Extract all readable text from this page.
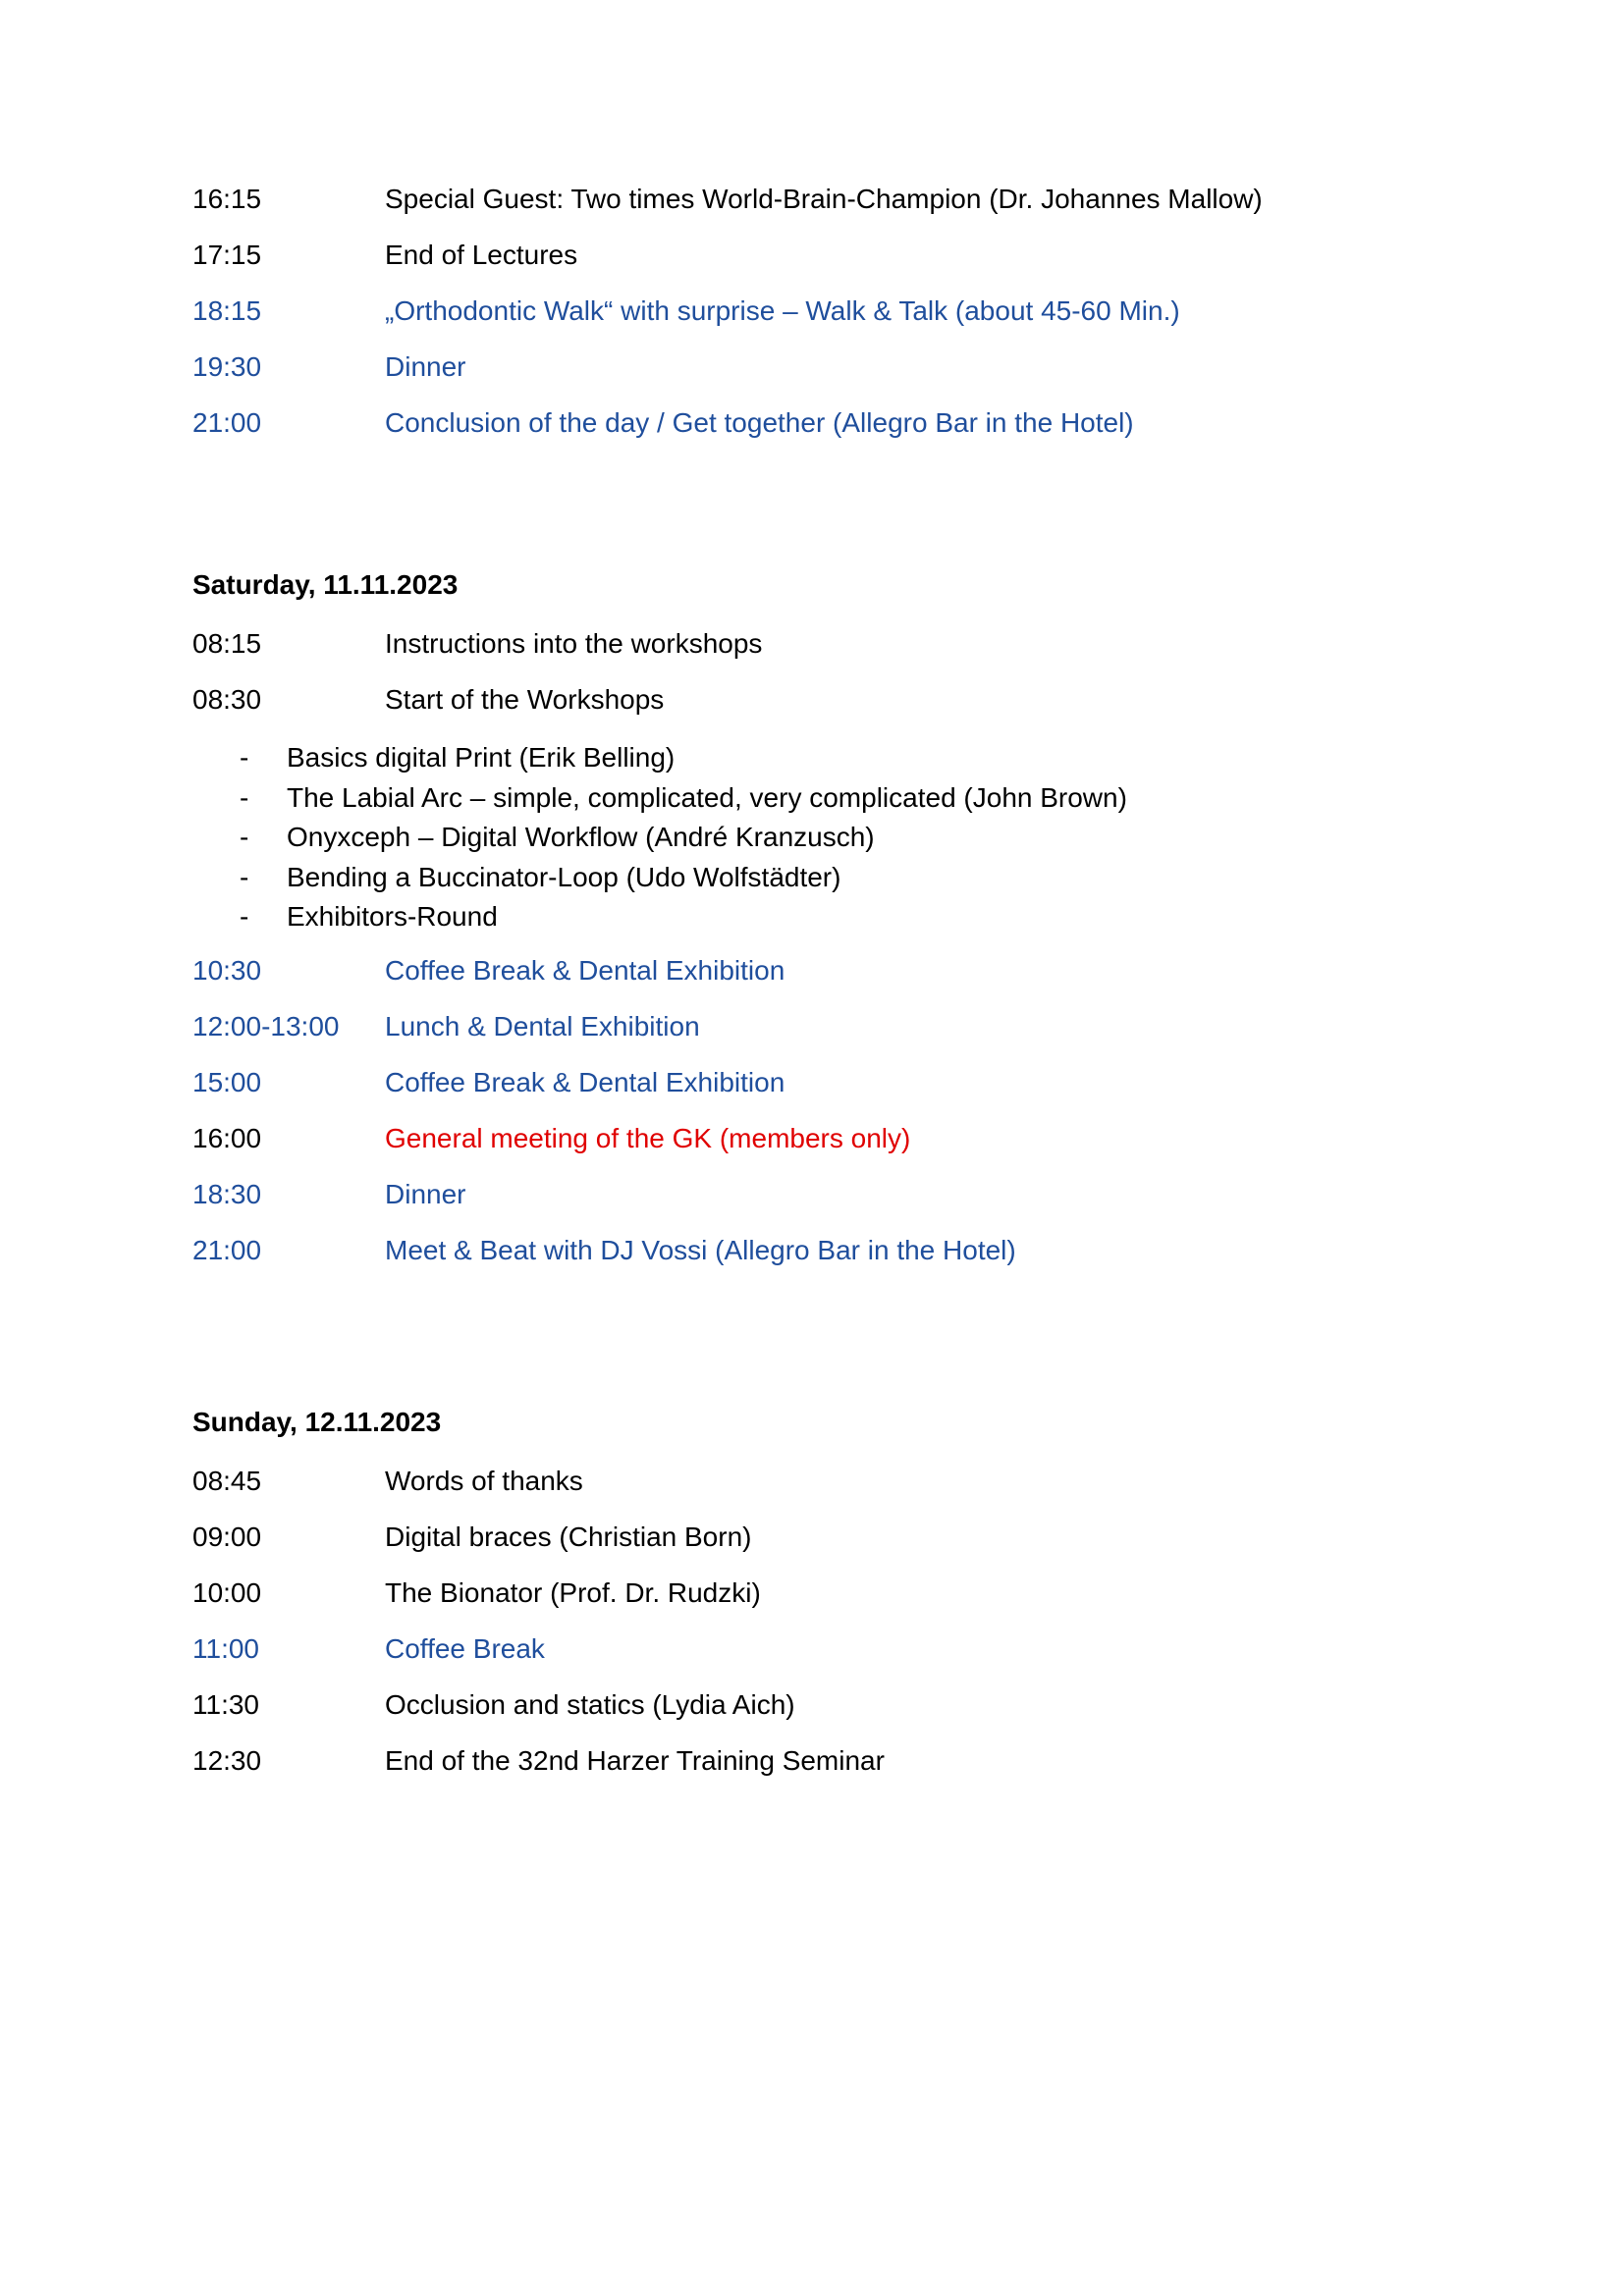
16:15	Special Guest: Two times World-Brain-Champion (Dr. Johannes Mallow)
17:15	End of Lectures
18:15	„Orthodontic Walk“ with surprise – Walk & Talk (about 45-60 Min.)
19:30	Dinner
21:00	Conclusion of the day / Get together (Allegro Bar in the Hotel)
Saturday, 11.11.2023
08:15	Instructions into the workshops
08:30	Start of the Workshops
-	Basics digital Print (Erik Belling)
-	The Labial Arc – simple, complicated, very complicated (John Brown)
-	Onyxceph – Digital Workflow (André Kranzusch)
-	Bending a Buccinator-Loop (Udo Wolfstädter)
-	Exhibitors-Round
10:30	Coffee Break & Dental Exhibition
12:00-13:00	Lunch & Dental Exhibition
15:00	Coffee Break & Dental Exhibition
16:00	General meeting of the GK (members only)
18:30	Dinner
21:00	Meet & Beat with DJ Vossi (Allegro Bar in the Hotel)
Sunday, 12.11.2023
08:45	Words of thanks
09:00	Digital braces (Christian Born)
10:00	The Bionator (Prof. Dr. Rudzki)
11:00	Coffee Break
11:30	Occlusion and statics (Lydia Aich)
12:30	End of the 32nd Harzer Training Seminar
